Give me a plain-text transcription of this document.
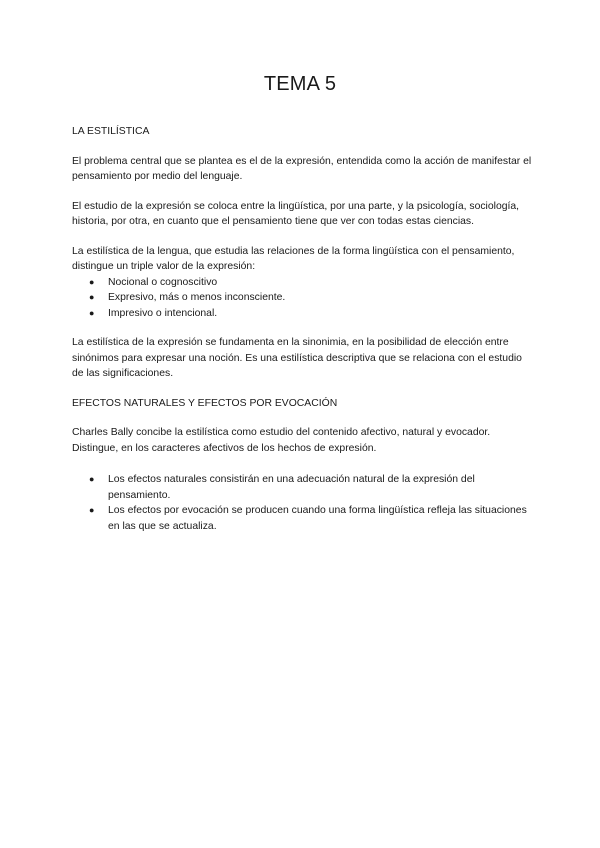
TEMA 5

LA ESTILÍSTICA

El problema central que se plantea es el de la expresión, entendida como la acción de manifestar el pensamiento por medio del lenguaje.

El estudio de la expresión se coloca entre la lingüística, por una parte, y la psicología, sociología, historia, por otra, en cuanto que el pensamiento tiene que ver con todas estas ciencias.

La estilística de la lengua, que estudia las relaciones de la forma lingüística con el pensamiento, distingue un triple valor de la expresión:

● Nocional o cognoscitivo
● Expresivo, más o menos inconsciente.
● Impresivo o intencional.

La estilística de la expresión se fundamenta en la sinonimia, en la posibilidad de elección entre sinónimos para expresar una noción. Es una estilística descriptiva que se relaciona con el estudio de las significaciones.

EFECTOS NATURALES Y EFECTOS POR EVOCACIÓN

Charles Bally concibe la estilística como estudio del contenido afectivo, natural y evocador. Distingue, en los caracteres afectivos de los hechos de expresión.

● Los efectos naturales consistirán en una adecuación natural de la expresión del pensamiento.
● Los efectos por evocación se producen cuando una forma lingüística refleja las situaciones en las que se actualiza.
